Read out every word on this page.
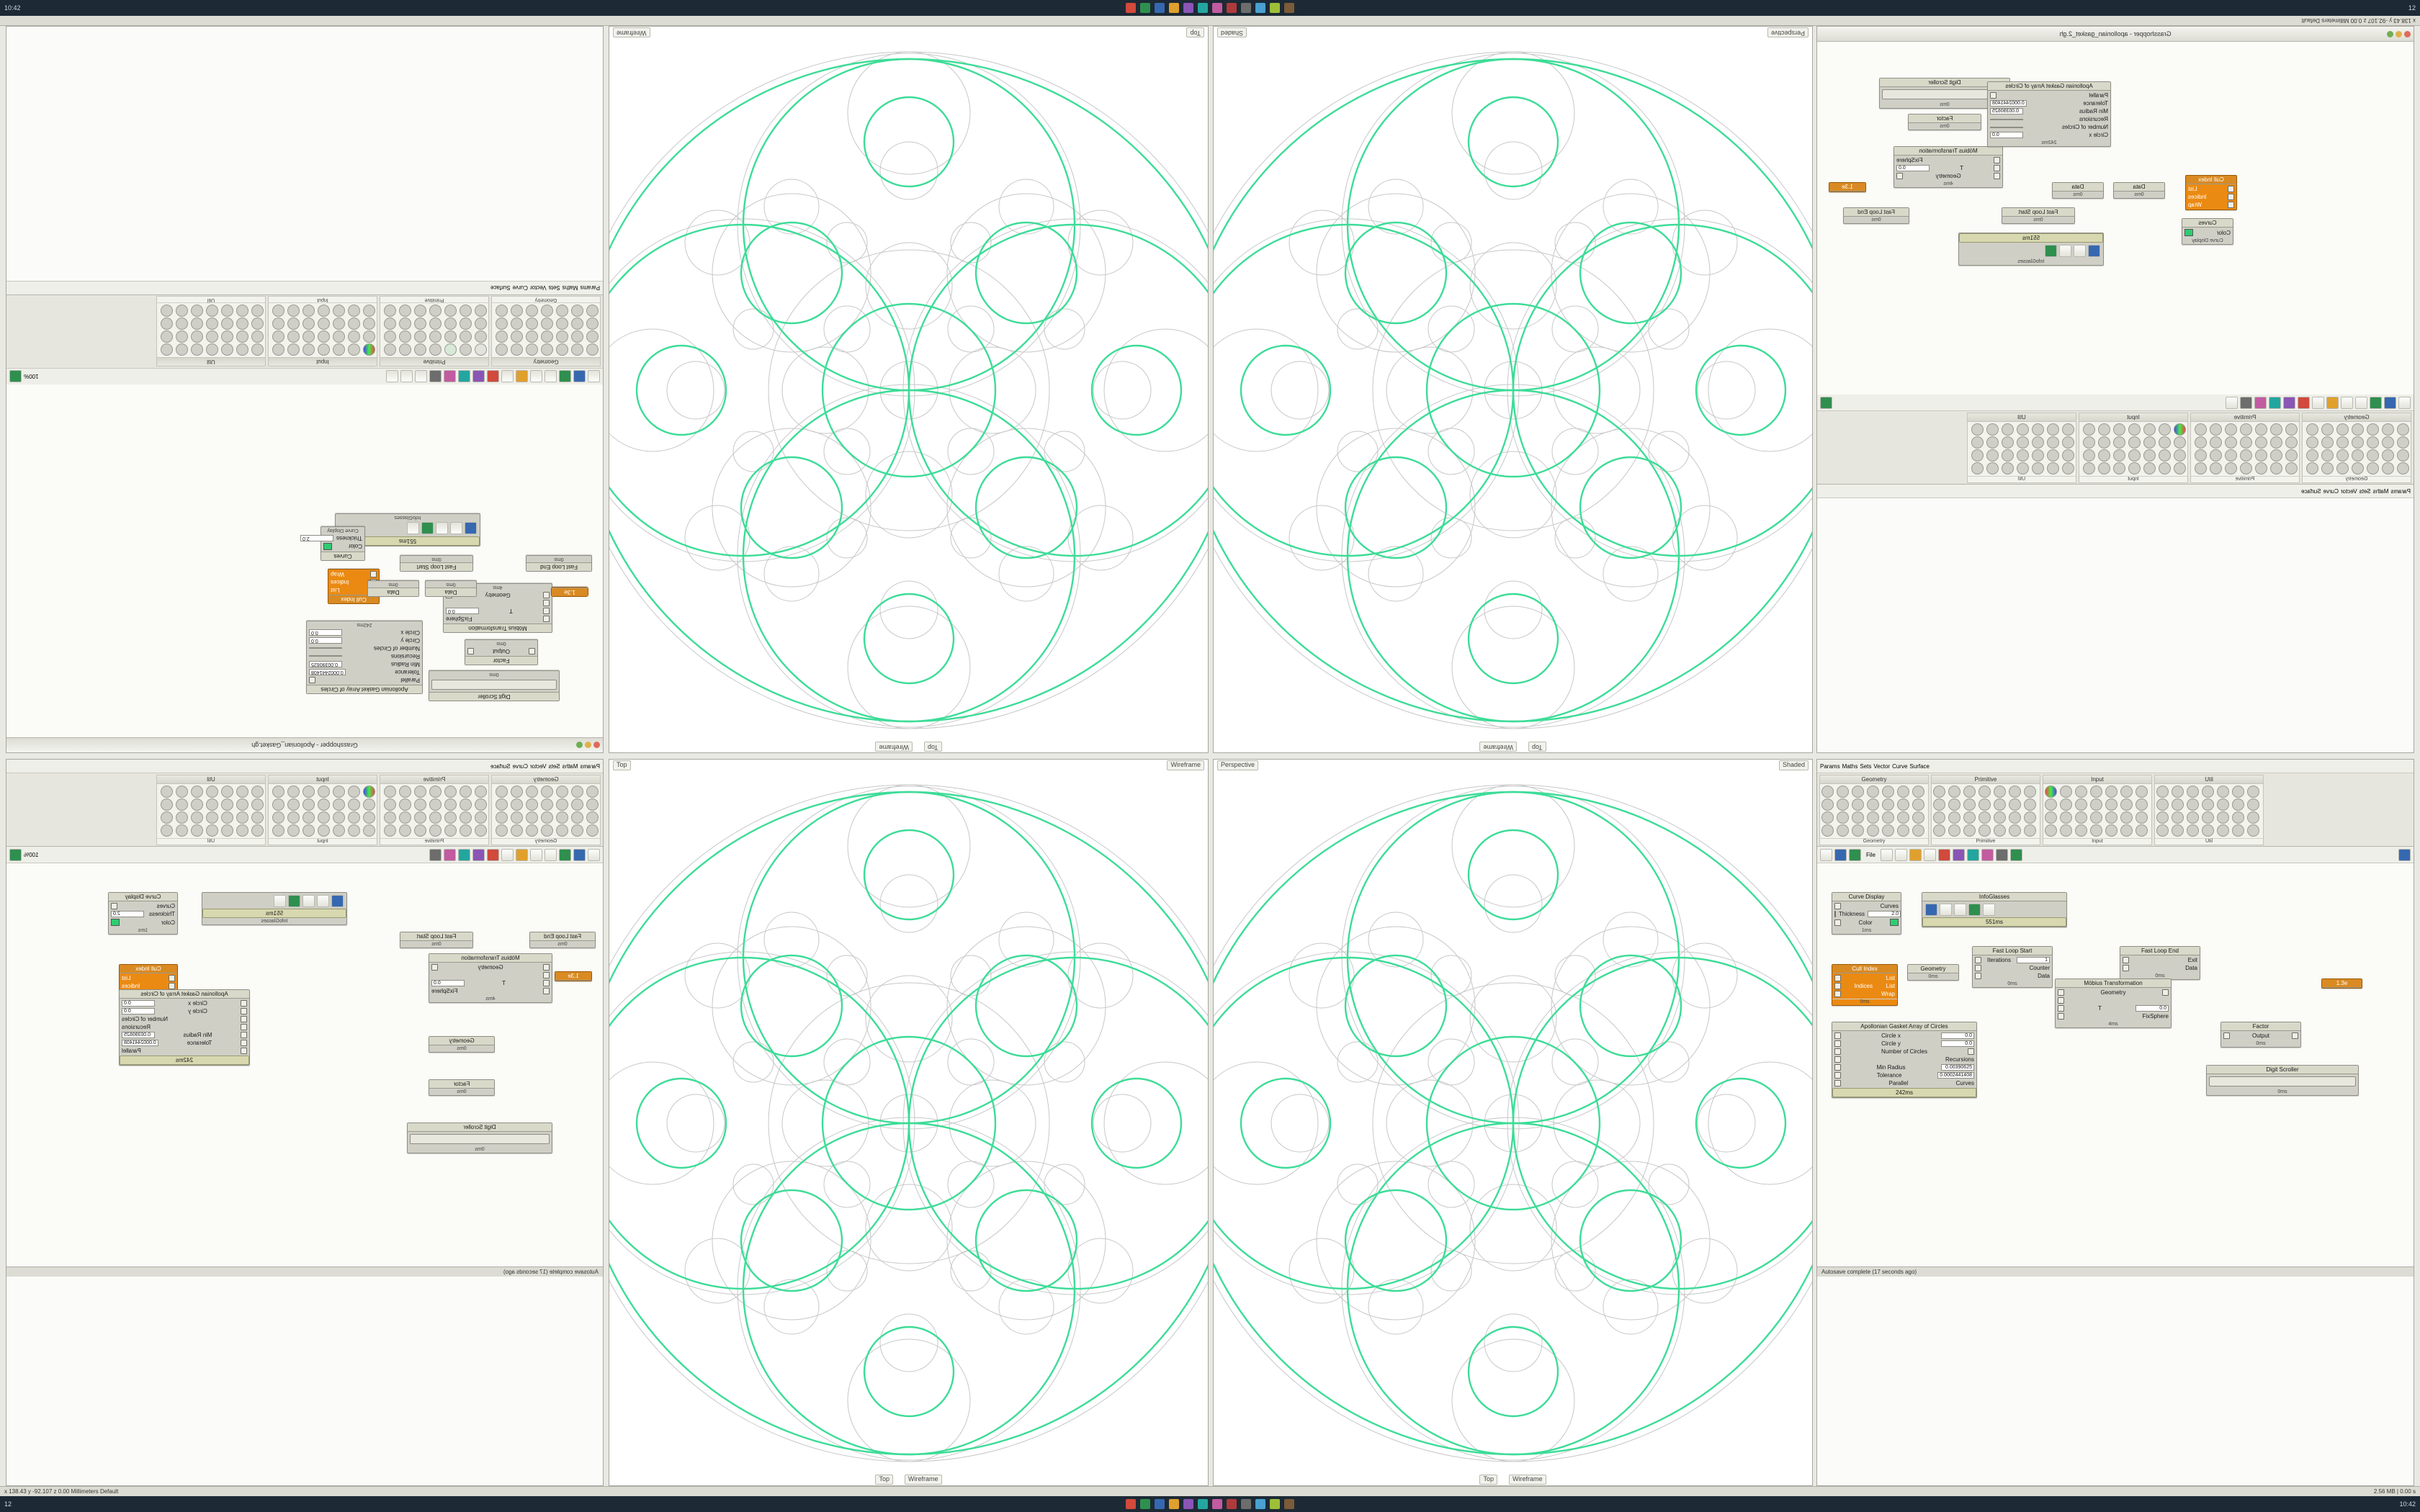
10:42	12
x 138.43 y -92.107 z 0.00 Millimeters Default
Grasshopper - Apollonian_Gasket.gh
Digit Scroller
0ms
Factor
Output
0ms
Möbius Transformation
FixSphere
T
0.0
Geometry
4ms
Cull Index
List
Indices
Wrap
Data
0ms
Data
0ms
Fast Loop End
0ms
Fast Loop Start
0ms
551ms
InfoGlasses
Curves
Color
Thickness
2.0
Curve Display
Apollonian Gasket Array of Circles
Parallel
Tolerance
0.0002441408
Min Radius
0.00390625
Recursions
Number of Circles
Circle y
0.0
Circle x
0.0
242ms
1.3e
100%
Geometry
Geometry
Primitive
Primitive
Input
Input
Util
Util
Params
Maths
Sets
Vector
Curve
Surface
Grasshopper - apollonian_gasket_2.gh
Digit Scroller
0ms
Factor
0ms
Möbius Transformation
FixSphere
T
0.0
Geometry
4ms
Cull Index
List
Indices
Wrap
Data
0ms
Data
0ms
Fast Loop Start
0ms
Fast Loop End
0ms
551ms
InfoGlasses
Curves
Color
Curve Display
Apollonian Gasket Array of Circles
Parallel
Tolerance
0.0002441408
Min Radius
0.00390625
Recursions
Number of Circles
Circle x
0.0
242ms
1.3e
Geometry
Geometry
Primitive
Primitive
Input
Input
Util
Util
Params
Maths
Sets
Vector
Curve
Surface
Params
Maths
Sets
Vector
Curve
Surface
Geometry
Geometry
Primitive
Primitive
Input
Input
Util
Util
100%
551ms
InfoGlasses
Curve Display
Curves
Thickness
2.0
Color
1ms
Cull Index
List
Indices
Fast Loop Start
0ms
Fast Loop End
0ms
Möbius Transformation
Geometry
T
0.0
FixSphere
4ms
1.3e
Apollonian Gasket Array of Circles
Circle x
0.0
Circle y
0.0
Number of Circles
Recursions
Min Radius
0.00390625
Tolerance
0.0002441408
Parallel
242ms
Geometry
0ms
Factor
0ms
Digit Scroller
0ms
Autosave complete (17 seconds ago)
Params Maths Sets Vector Curve Surface
Geometry
Geometry
Primitive
Primitive
Input
Input
Util
Util
File
Curve Display
Curves
Thickness	2.0
Color
1ms
InfoGlasses
551ms
Cull Index
List
Indices List
Wrap
0ms
Geometry
0ms
Fast Loop Start
Iterations	1
Counter
Data
0ms
Fast Loop End
Exit
Data
0ms
Möbius Transformation
Geometry
T	0.0
FixSphere
4ms
Apollonian Gasket Array of Circles
Circle x	0.0
Circle y	0.0
Number of Circles
Recursions
Min Radius	0.00390625
Tolerance	0.0002441408
Parallel	Curves
242ms
Factor
Output
0ms
Digit Scroller
0ms
1.3e
Autosave complete (17 seconds ago)
Top
Wireframe
Top
Wireframe
Perspective
Shaded
Top
Wireframe
Top	Wireframe
Top	Wireframe
Perspective	Shaded
Top	Wireframe
x 138.43 y -92.107 z 0.00 Millimeters Default	2.56 MB | 0.00 s
12	10:42
